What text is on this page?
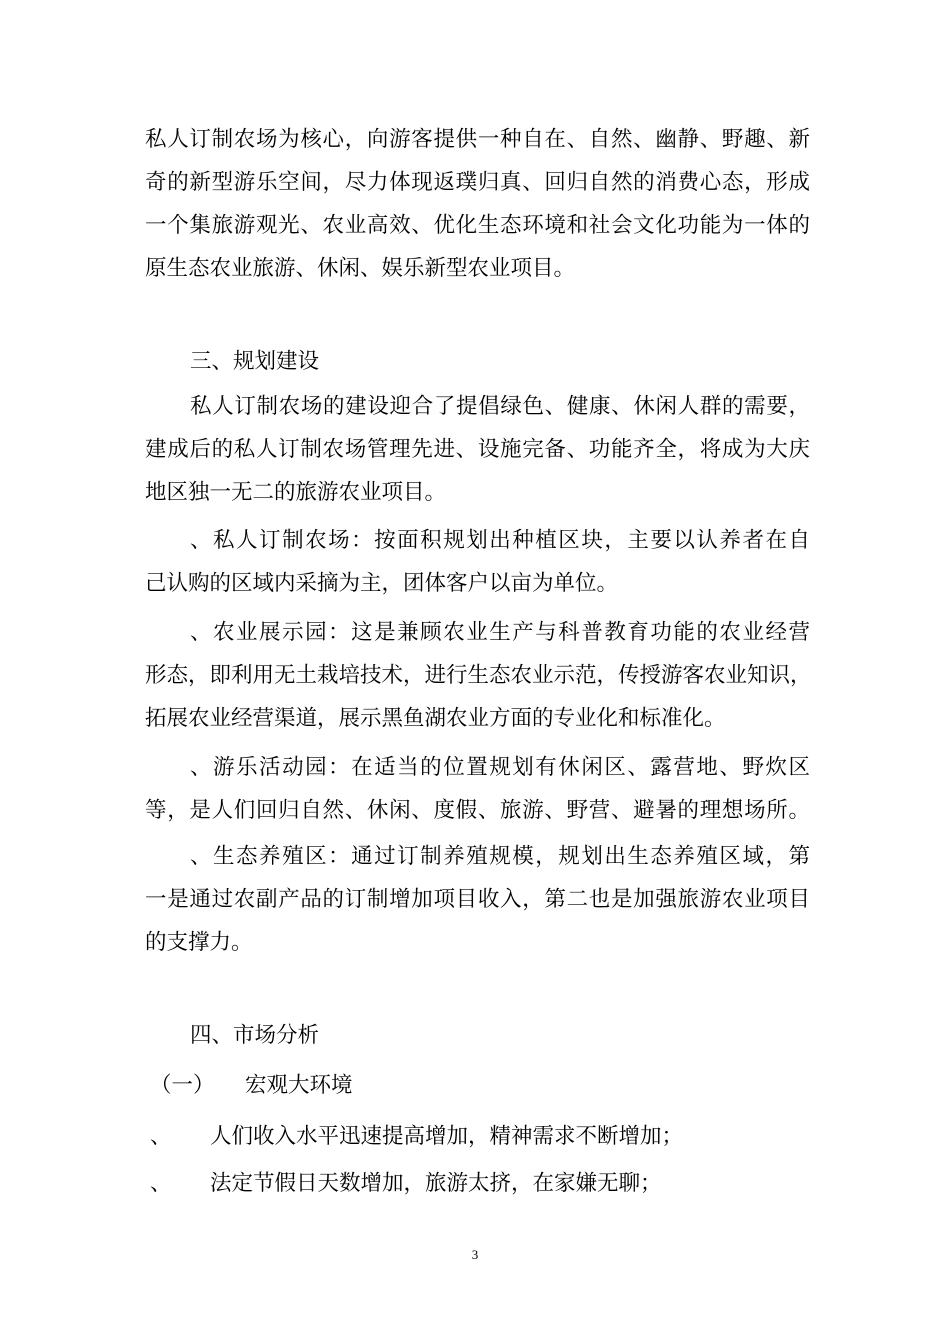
私人订制农场为核心，向游客提供一种自在、自然、幽静、野趣、新
奇的新型游乐空间，尽力体现返璞归真、回归自然的消费心态，形成
一个集旅游观光、农业高效、优化生态环境和社会文化功能为一体的
原生态农业旅游、休闲、娱乐新型农业项目。
三、规划建设
私人订制农场的建设迎合了提倡绿色、健康、休闲人群的需要，
建成后的私人订制农场管理先进、设施完备、功能齐全，将成为大庆
地区独一无二的旅游农业项目。
、私人订制农场：按面积规划出种植区块，主要以认养者在自
己认购的区域内采摘为主，团体客户以亩为单位。
、农业展示园：这是兼顾农业生产与科普教育功能的农业经营
形态，即利用无土栽培技术，进行生态农业示范，传授游客农业知识，
拓展农业经营渠道，展示黑鱼湖农业方面的专业化和标准化。
、游乐活动园：在适当的位置规划有休闲区、露营地、野炊区
等，是人们回归自然、休闲、度假、旅游、野营、避暑的理想场所。
、生态养殖区：通过订制养殖规模，规划出生态养殖区域，第
一是通过农副产品的订制增加项目收入，第二也是加强旅游农业项目
的支撑力。
四、市场分析
（一） 宏观大环境
、 人们收入水平迅速提高增加，精神需求不断增加；
、 法定节假日天数增加，旅游太挤，在家嫌无聊；
3
